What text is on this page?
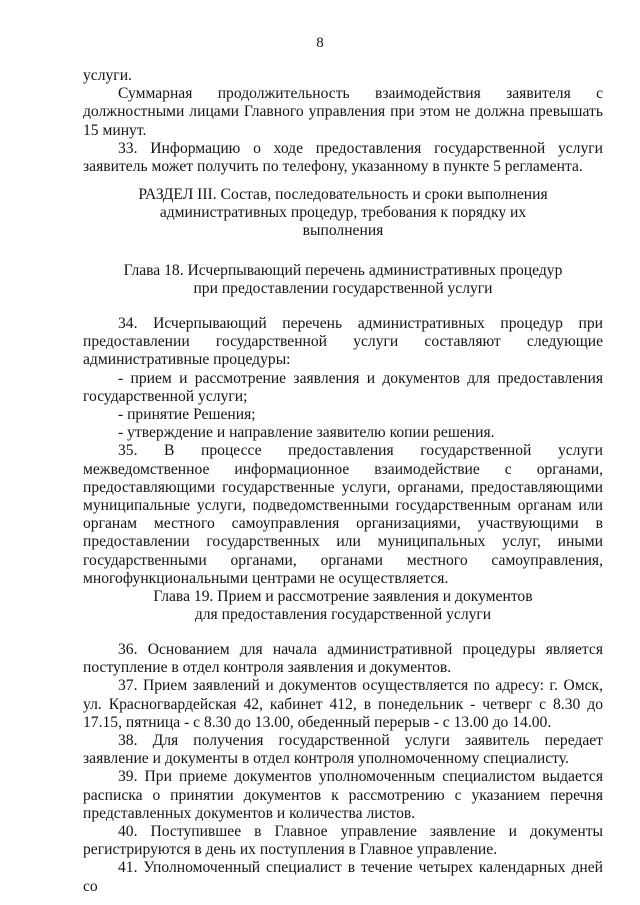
8

услуги.

Суммарная продолжительность взаимодействия заявителя с должностными лицами Главного управления при этом не должна превышать 15 минут.

33. Информацию о ходе предоставления государственной услуги заявитель может получить по телефону, указанному в пункте 5 регламента.

РАЗДЕЛ III. Состав, последовательность и сроки выполнения

административных процедур, требования к порядку их

выполнения

Глава 18. Исчерпывающий перечень административных процедур

при предоставлении государственной услуги

34. Исчерпывающий перечень административных процедур при предоставлении государственной услуги составляют следующие административные процедуры:

- прием и рассмотрение заявления и документов для предоставления государственной услуги;

- принятие Решения;

- утверждение и направление заявителю копии решения.

35. В процессе предоставления государственной услуги межведомственное информационное взаимодействие с органами, предоставляющими государственные услуги, органами, предоставляющими муниципальные услуги, подведомственными государственным органам или органам местного самоуправления организациями, участвующими в предоставлении государственных или муниципальных услуг, иными государственными органами, органами местного самоуправления, многофункциональными центрами не осуществляется.

Глава 19. Прием и рассмотрение заявления и документов

для предоставления государственной услуги

36. Основанием для начала административной процедуры является поступление в отдел контроля заявления и документов.

37. Прием заявлений и документов осуществляется по адресу: г. Омск, ул. Красногвардейская 42, кабинет 412, в понедельник - четверг с 8.30 до 17.15, пятница - с 8.30 до 13.00, обеденный перерыв - с 13.00 до 14.00.

38. Для получения государственной услуги заявитель передает заявление и документы в отдел контроля уполномоченному специалисту.

39. При приеме документов уполномоченным специалистом выдается расписка о принятии документов к рассмотрению с указанием перечня представленных документов и количества листов.

40. Поступившее в Главное управление заявление и документы регистрируются в день их поступления в Главное управление.

41. Уполномоченный специалист в течение четырех календарных дней со
